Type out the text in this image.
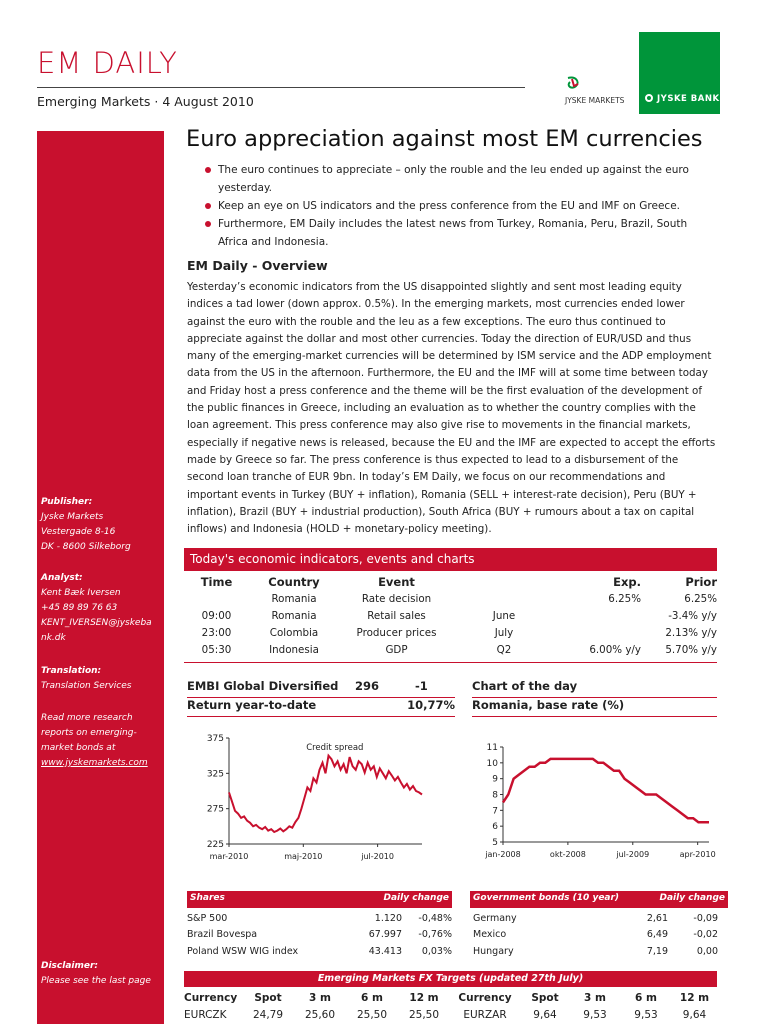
EM DAILY
Emerging Markets · 4 August 2010	JYSKE MARKETS	JYSKE BANK
Publisher:
Jyske Markets
Vestergade 8-16
DK - 8600 Silkeborg
Analyst:
Kent Bæk Iversen
+45 89 89 76 63
KENT_IVERSEN@jyskeba
nk.dk
Translation:
Translation Services
Read more research
reports on emerging-
market bonds at
www.jyskemarkets.com
Disclaimer:
Please see the last page
Euro appreciation against most EM currencies
The euro continues to appreciate – only the rouble and the leu ended up against the euro yesterday.
Keep an eye on US indicators and the press conference from the EU and IMF on Greece.
Furthermore, EM Daily includes the latest news from Turkey, Romania, Peru, Brazil, South Africa and Indonesia.
EM Daily - Overview
Yesterday’s economic indicators from the US disappointed slightly and sent most leading equity indices a tad lower (down approx. 0.5%). In the emerging markets, most currencies ended lower against the euro with the rouble and the leu as a few exceptions. The euro thus continued to appreciate against the dollar and most other currencies. Today the direction of EUR/USD and thus many of the emerging-market currencies will be determined by ISM service and the ADP employment data from the US in the afternoon. Furthermore, the EU and the IMF will at some time between today and Friday host a press conference and the theme will be the first evaluation of the development of the public finances in Greece, including an evaluation as to whether the country complies with the loan agreement. This press conference may also give rise to movements in the financial markets, especially if negative news is released, because the EU and the IMF are expected to accept the efforts made by Greece so far. The press conference is thus expected to lead to a disbursement of the second loan tranche of EUR 9bn. In today’s EM Daily, we focus on our recommendations and important events in Turkey (BUY + inflation), Romania (SELL + interest-rate decision), Peru (BUY + inflation), Brazil (BUY + industrial production), South Africa (BUY + rumours about a tax on capital inflows) and Indonesia (HOLD + monetary-policy meeting).
Today's economic indicators, events and charts
Time	Country	Event		Exp.	Prior
	Romania	Rate decision		6.25%	6.25%
09:00	Romania	Retail sales	June		-3.4% y/y
23:00	Colombia	Producer prices	July		2.13% y/y
05:30	Indonesia	GDP	Q2	6.00% y/y	5.70% y/y
EMBI Global Diversified 296	-1
Return year-to-date	10,77%
Chart of the day
Romania, base rate (%)
225
275
325
375
mar-2010	maj-2010	jul-2010
Credit spread
5
6
7
8
9
10
11
jan-2008	okt-2008	jul-2009	apr-2010
Shares	Daily change
S&P 500	1.120	-0,48%
Brazil Bovespa	67.997	-0,76%
Poland WSW WIG index	43.413	0,03%
Government bonds (10 year)	Daily change
Germany	2,61	-0,09
Mexico	6,49	-0,02
Hungary	7,19	0,00
Emerging Markets FX Targets (updated 27th July)
Currency	Spot	3 m	6 m	12 m	Currency	Spot	3 m	6 m	12 m
EURCZK	24,79	25,60	25,50	25,50	EURZAR	9,64	9,53	9,53	9,64
